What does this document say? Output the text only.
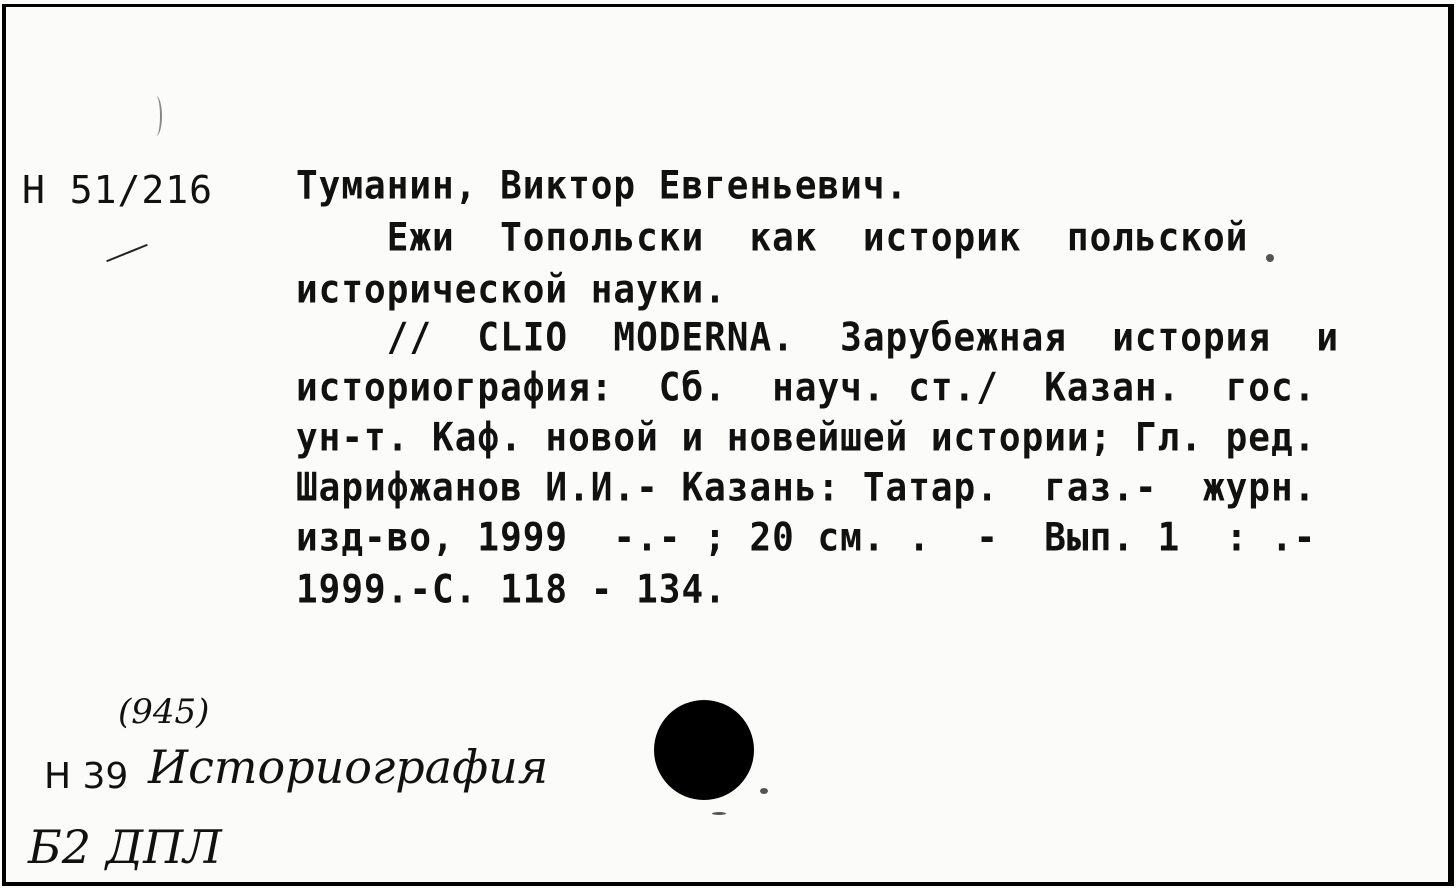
Н 51/216 Туманин, Виктор Евгеньевич.
Ежи  Топольски  как  историк  польской
исторической науки.
//  CLIO  MODERNA.  Зарубежная  история  и
историография:  Сб.  науч. ст./  Казан.  гос.
ун-т. Каф. новой и новейшей истории; Гл. ред.
Шарифжанов И.И.- Казань: Татар.  газ.-  журн.
изд-во, 1999  -.- ; 20 см. .  -  Вып. 1  : .-
1999.-С. 118 - 134.
(945)
Н 39 Историография
Б2 ДПЛ
